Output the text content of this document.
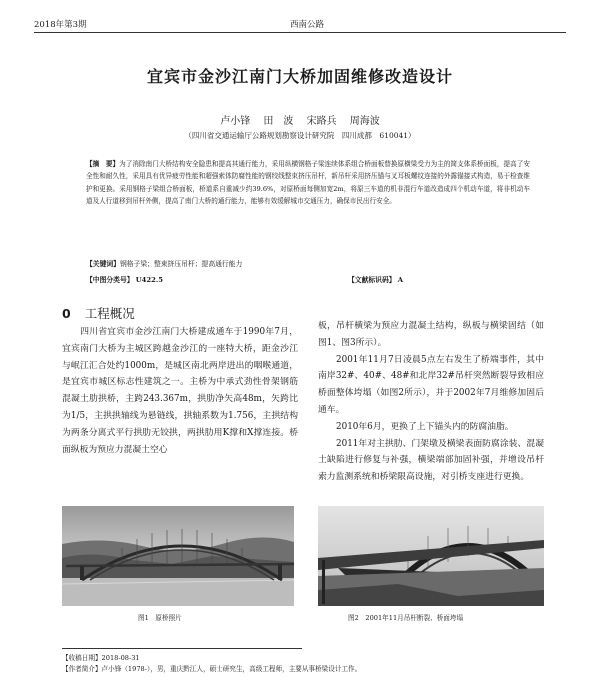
2018年第3期	西南公路
宜宾市金沙江南门大桥加固维修改造设计
卢小锋 田　波 宋路兵 周海波
（四川省交通运输厅公路规划勘察设计研究院　四川成都　610041）
【摘　要】为了消除南门大桥结构安全隐患和提高其通行能力，采用纵横钢格子梁连续体系组合桥面板替换原横梁受力为主的简支体系桥面板，提高了安全性和耐久性，采用具有优异疲劳性能和超强索体防腐性能的钢绞线整束挤压吊杆，新吊杆采用挤压锚与叉耳板螺纹连接的外露锚接式构造，易于检查维护和更换。采用钢格子梁组合桥面板，桥道系自重减少约39.6%，对原桥面每侧加宽2m，将原三车道的机非混行车道改造成四个机动车道，将非机动车道及人行道移到吊杆外侧，提高了南门大桥的通行能力，能够有效缓解城市交通压力，确保市民出行安全。
【关键词】钢格子梁；整束挤压吊杆；提高通行能力
【中图分类号】 U422.5	【文献标识码】 A
0 工程概况
四川省宜宾市金沙江南门大桥建成通车于1990年7月，宜宾南门大桥为主城区跨越金沙江的一座特大桥，距金沙江与岷江汇合处约1000m，是城区南北两岸进出的咽喉通道，是宜宾市城区标志性建筑之一。主桥为中承式劲性骨架钢筋混凝土肋拱桥，主跨243.367m，拱肋净矢高48m，矢跨比为1/5，主拱拱轴线为悬链线，拱轴系数为1.756，主拱结构为两条分离式平行拱肋无铰拱，两拱肋用K撑和X撑连接。桥面纵板为预应力混凝土空心
板，吊杆横梁为预应力混凝土结构，纵板与横梁固结（如图1、图3所示）。
2001年11月7日凌晨5点左右发生了桥端事件，其中南岸32#、40#、48#和北岸32#吊杆突然断裂导致相应桥面整体垮塌（如图2所示），并于2002年7月维修加固后通车。
2010年6月，更换了上下锚头内的防腐油脂。
2011年对主拱肋、门架墩及横梁表面防腐涂装、混凝土缺陷进行修复与补强，横梁端部加固补强，并增设吊杆索力监测系统和桥梁限高设施，对引桥支座进行更换。
图1　原桥照片	图2　2001年11月吊杆断裂、桥面垮塌
【收稿日期】2018-08-31
【作者简介】卢小锋（1978-），男，重庆黔江人，硕士研究生，高级工程师，主要从事桥梁设计工作。
